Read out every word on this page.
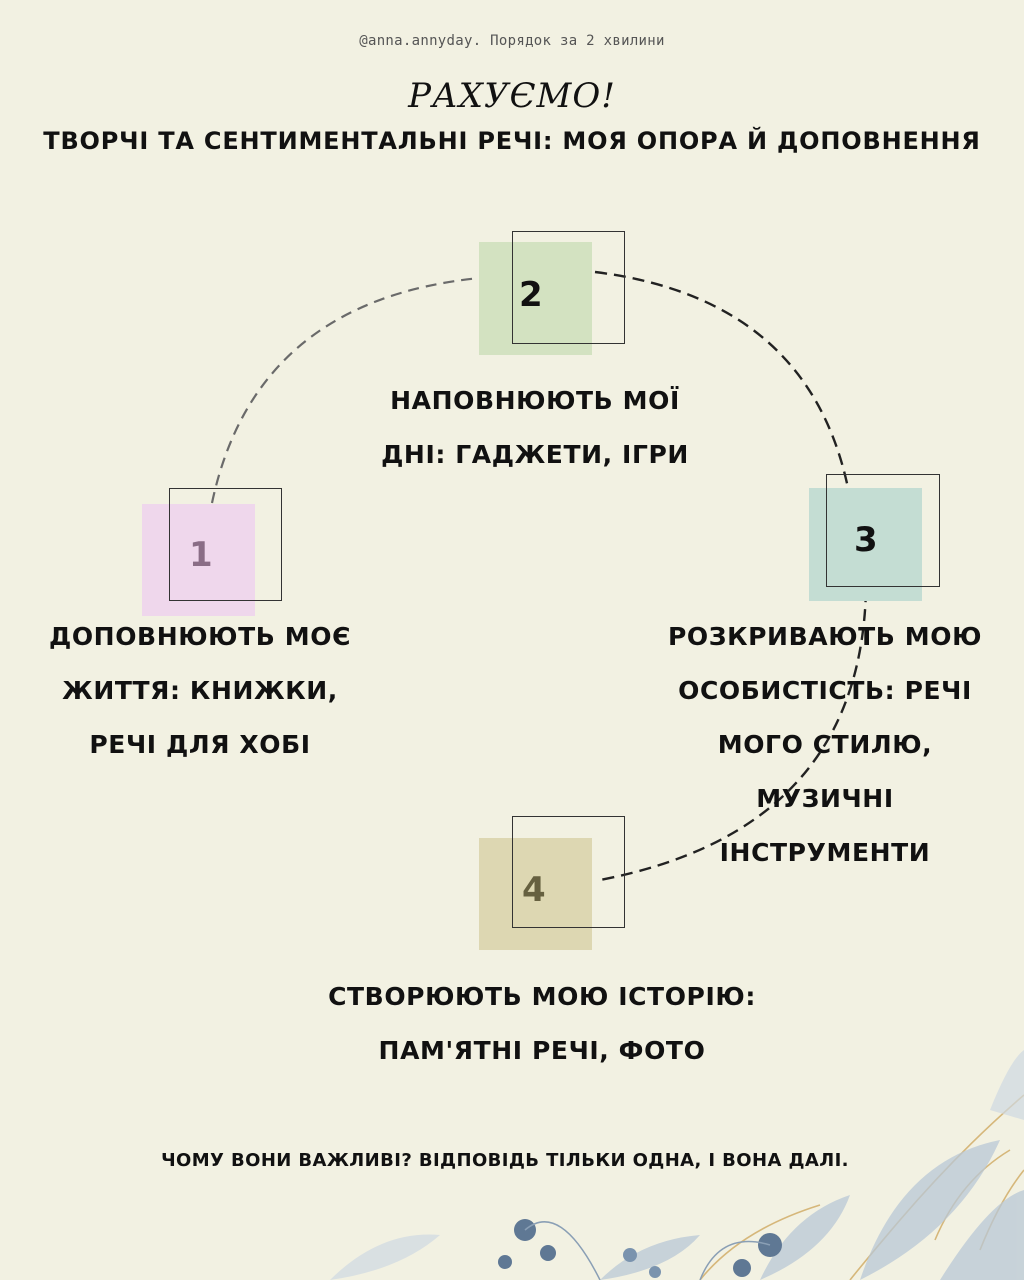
@anna.annyday. Порядок за 2 хвилини
РАХУЄМО!
ТВОРЧІ ТА СЕНТИМЕНТАЛЬНІ РЕЧІ: МОЯ ОПОРА Й ДОПОВНЕННЯ
1
ДОПОВНЮЮТЬ МОЄ
ЖИТТЯ: КНИЖКИ,
РЕЧІ ДЛЯ ХОБІ
2
НАПОВНЮЮТЬ МОЇ
ДНІ: ГАДЖЕТИ, ІГРИ
3
РОЗКРИВАЮТЬ МОЮ
ОСОБИСТІСТЬ: РЕЧІ
МОГО СТИЛЮ,
МУЗИЧНІ
ІНСТРУМЕНТИ
4
СТВОРЮЮТЬ МОЮ ІСТОРІЮ:
ПАМ'ЯТНІ РЕЧІ, ФОТО
ЧОМУ ВОНИ ВАЖЛИВІ? ВІДПОВІДЬ ТІЛЬКИ ОДНА, І ВОНА ДАЛІ.
